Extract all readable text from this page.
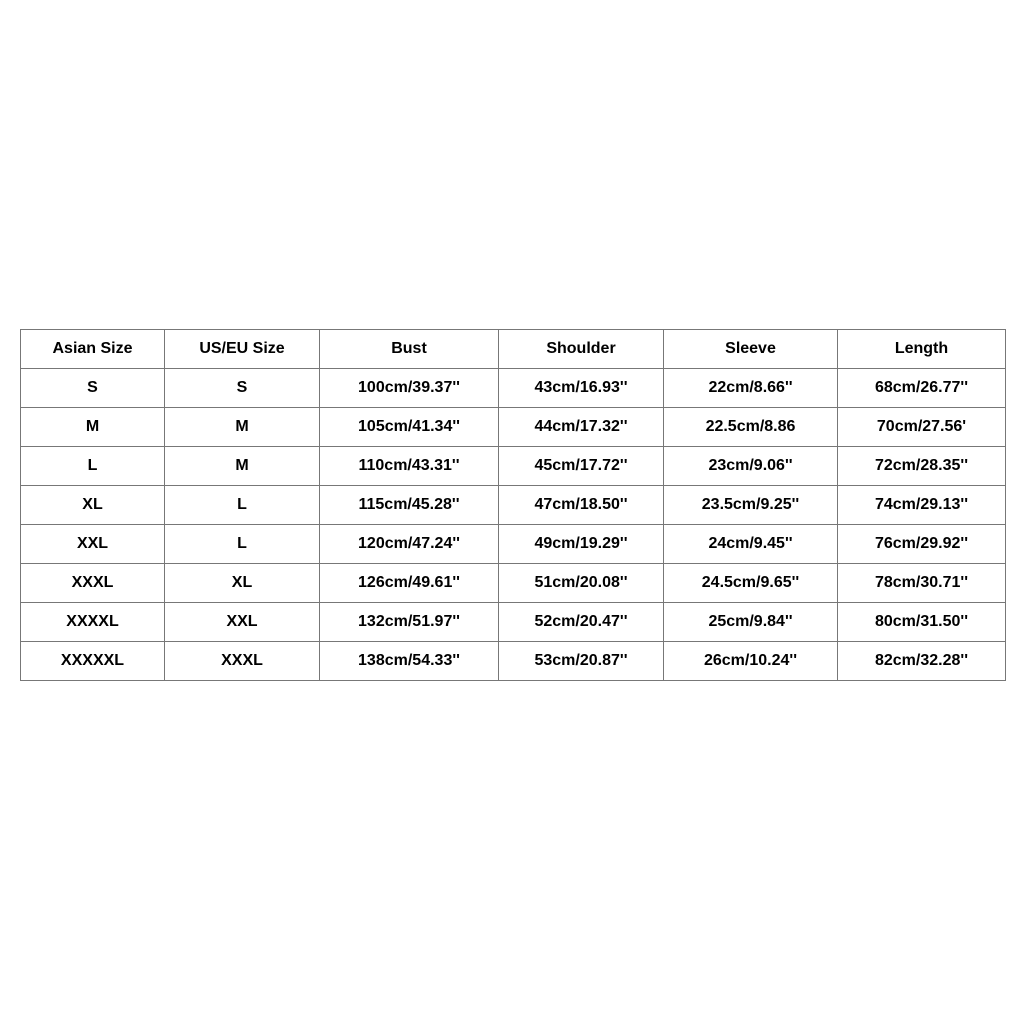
Asian Size	US/EU Size	Bust	Shoulder	Sleeve	Length
S	S	100cm/39.37''	43cm/16.93''	22cm/8.66''	68cm/26.77''
M	M	105cm/41.34''	44cm/17.32''	22.5cm/8.86	70cm/27.56'
L	M	110cm/43.31''	45cm/17.72''	23cm/9.06''	72cm/28.35''
XL	L	115cm/45.28''	47cm/18.50''	23.5cm/9.25''	74cm/29.13''
XXL	L	120cm/47.24''	49cm/19.29''	24cm/9.45''	76cm/29.92''
XXXL	XL	126cm/49.61''	51cm/20.08''	24.5cm/9.65''	78cm/30.71''
XXXXL	XXL	132cm/51.97''	52cm/20.47''	25cm/9.84''	80cm/31.50''
XXXXXL	XXXL	138cm/54.33''	53cm/20.87''	26cm/10.24''	82cm/32.28''
